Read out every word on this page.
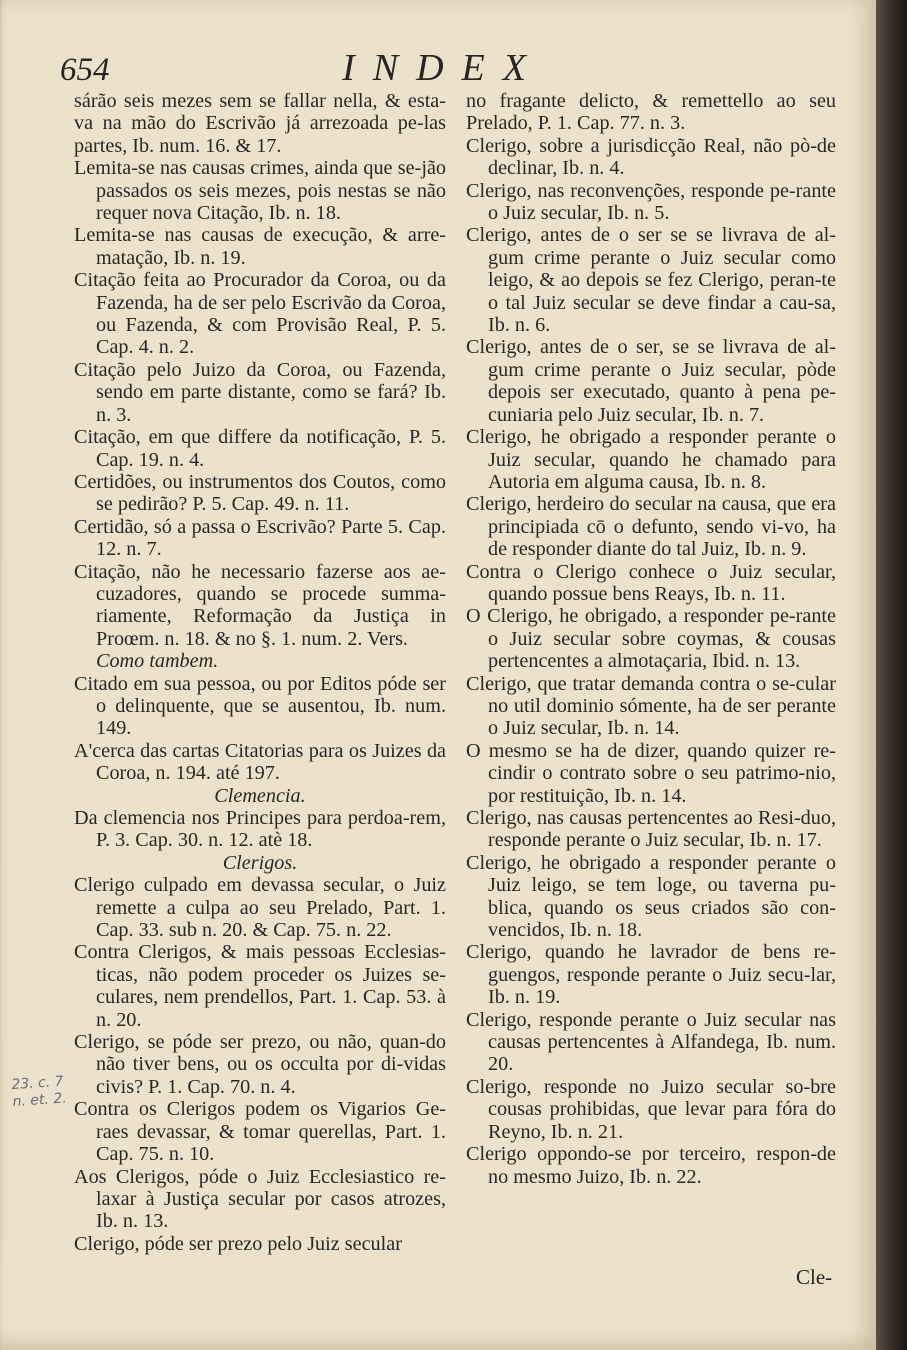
654	INDEX

sárão seis mezes sem se fallar nella, & esta-va na mão do Escrivão já arrezoada pe-las partes, Ib. num. 16. & 17.

Lemita-se nas causas crimes, ainda que se-jão passados os seis mezes, pois nestas se não requer nova Citação, Ib. n. 18.

Lemita-se nas causas de execução, & arre-matação, Ib. n. 19.

Citação feita ao Procurador da Coroa, ou da Fazenda, ha de ser pelo Escrivão da Coroa, ou Fazenda, & com Provisão Real, P. 5. Cap. 4. n. 2.

Citação pelo Juizo da Coroa, ou Fazenda, sendo em parte distante, como se fará? Ib. n. 3.

Citação, em que differe da notificação, P. 5. Cap. 19. n. 4.

Certidões, ou instrumentos dos Coutos, como se pedirão? P. 5. Cap. 49. n. 11.

Certidão, só a passa o Escrivão? Parte 5. Cap. 12. n. 7.

Citação, não he necessario fazerse aos ae-cuzadores, quando se procede summa-riamente, Reformação da Justiça in Proœm. n. 18. & no §. 1. num. 2. Vers.

Como tambem.

Citado em sua pessoa, ou por Editos póde ser o delinquente, que se ausentou, Ib. num. 149.

A'cerca das cartas Citatorias para os Juizes da Coroa, n. 194. até 197.

Clemencia.

Da clemencia nos Principes para perdoa-rem, P. 3. Cap. 30. n. 12. atè 18.

Clerigos.

Clerigo culpado em devassa secular, o Juiz remette a culpa ao seu Prelado, Part. 1. Cap. 33. sub n. 20. & Cap. 75. n. 22.

Contra Clerigos, & mais pessoas Ecclesias-ticas, não podem proceder os Juizes se-culares, nem prendellos, Part. 1. Cap. 53. à n. 20.

Clerigo, se póde ser prezo, ou não, quan-do não tiver bens, ou os occulta por di-vidas civis? P. 1. Cap. 70. n. 4.

Contra os Clerigos podem os Vigarios Ge-raes devassar, & tomar querellas, Part. 1. Cap. 75. n. 10.

Aos Clerigos, póde o Juiz Ecclesiastico re-laxar à Justiça secular por casos atrozes, Ib. n. 13.

Clerigo, póde ser prezo pelo Juiz secular

no fragante delicto, & remettello ao seu Prelado, P. 1. Cap. 77. n. 3.

Clerigo, sobre a jurisdicção Real, não pò-de declinar, Ib. n. 4.

Clerigo, nas reconvenções, responde pe-rante o Juiz secular, Ib. n. 5.

Clerigo, antes de o ser se se livrava de al-gum crime perante o Juiz secular como leigo, & ao depois se fez Clerigo, peran-te o tal Juiz secular se deve findar a cau-sa, Ib. n. 6.

Clerigo, antes de o ser, se se livrava de al-gum crime perante o Juiz secular, pòde depois ser executado, quanto à pena pe-cuniaria pelo Juiz secular, Ib. n. 7.

Clerigo, he obrigado a responder perante o Juiz secular, quando he chamado para Autoria em alguma causa, Ib. n. 8.

Clerigo, herdeiro do secular na causa, que era principiada cō o defunto, sendo vi-vo, ha de responder diante do tal Juiz, Ib. n. 9.

Contra o Clerigo conhece o Juiz secular, quando possue bens Reays, Ib. n. 11.

O Clerigo, he obrigado, a responder pe-rante o Juiz secular sobre coymas, & cousas pertencentes a almotaçaria, Ibid. n. 13.

Clerigo, que tratar demanda contra o se-cular no util dominio sómente, ha de ser perante o Juiz secular, Ib. n. 14.

O mesmo se ha de dizer, quando quizer re-cindir o contrato sobre o seu patrimo-nio, por restituição, Ib. n. 14.

Clerigo, nas causas pertencentes ao Resi-duo, responde perante o Juiz secular, Ib. n. 17.

Clerigo, he obrigado a responder perante o Juiz leigo, se tem loge, ou taverna pu-blica, quando os seus criados são con-vencidos, Ib. n. 18.

Clerigo, quando he lavrador de bens re-guengos, responde perante o Juiz secu-lar, Ib. n. 19.

Clerigo, responde perante o Juiz secular nas causas pertencentes à Alfandega, Ib. num. 20.

Clerigo, responde no Juizo secular so-bre cousas prohibidas, que levar para fóra do Reyno, Ib. n. 21.

Clerigo oppondo-se por terceiro, respon-de no mesmo Juizo, Ib. n. 22.

23. c. 7 n. et. 2.
Cle-
